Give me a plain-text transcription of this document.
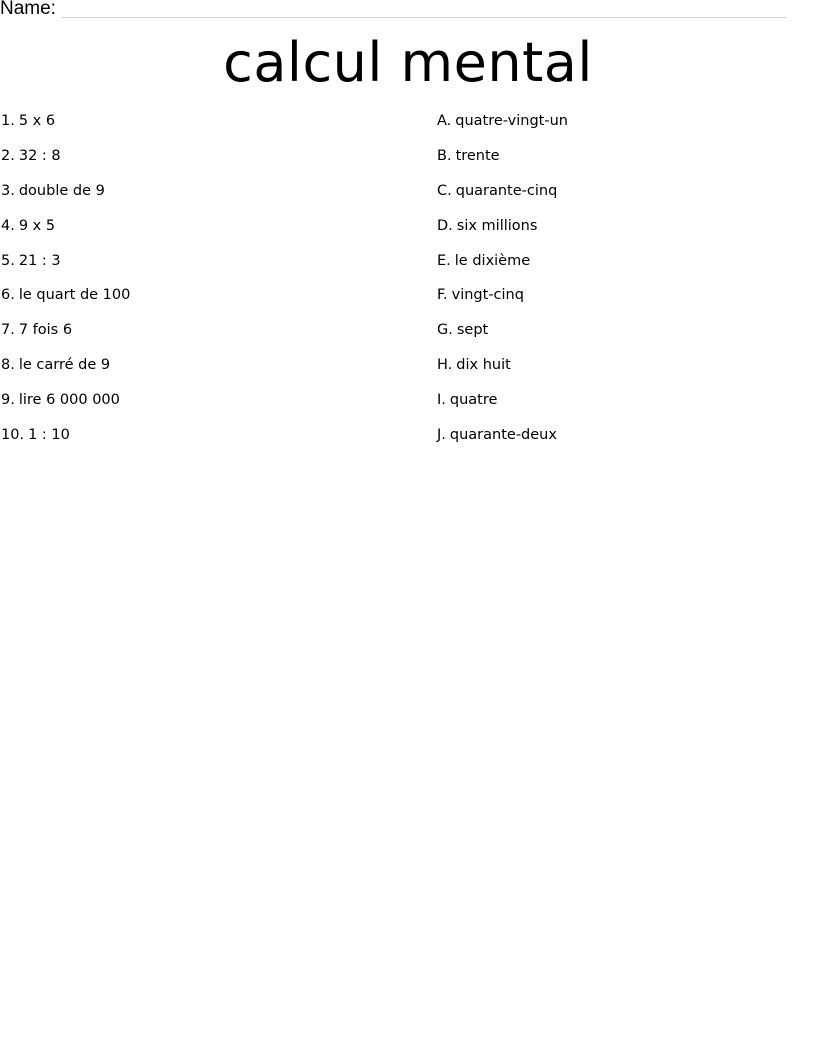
Name:
calcul mental
1. 5 x 6
2. 32 : 8
3. double de 9
4. 9 x 5
5. 21 : 3
6. le quart de 100
7. 7 fois 6
8. le carré de 9
9. lire 6 000 000
10. 1 : 10
A. quatre-vingt-un
B. trente
C. quarante-cinq
D. six millions
E. le dixième
F. vingt-cinq
G. sept
H. dix huit
I. quatre
J. quarante-deux
